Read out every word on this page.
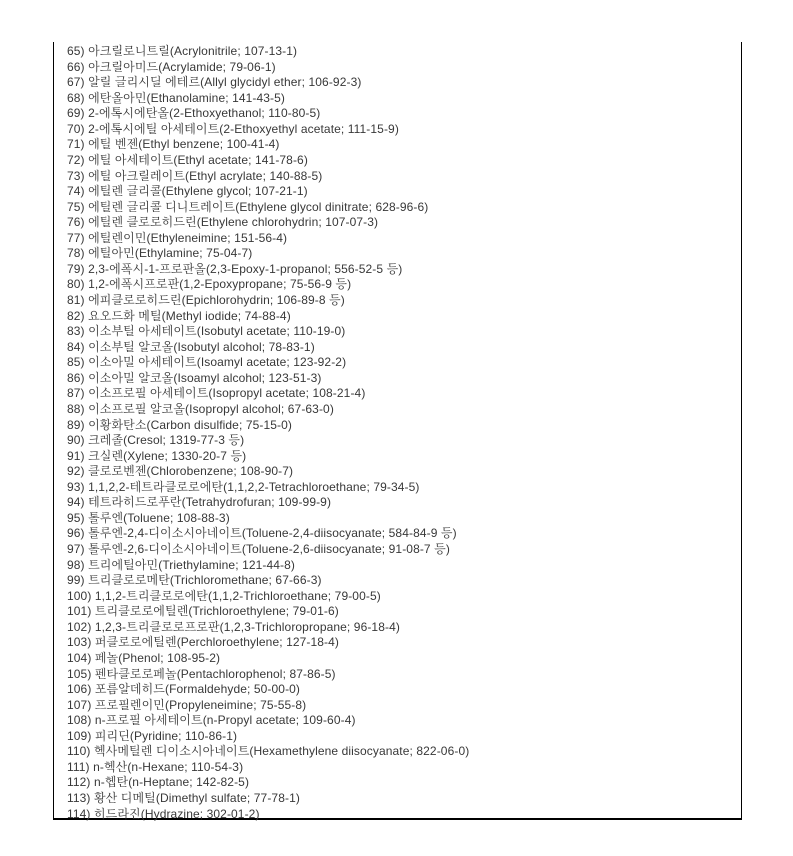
65) 아크릴로니트릴(Acrylonitrile; 107-13-1)
66) 아크릴아미드(Acrylamide; 79-06-1)
67) 알릴 글리시딜 에테르(Allyl glycidyl ether; 106-92-3)
68) 에탄올아민(Ethanolamine; 141-43-5)
69) 2-에톡시에탄올(2-Ethoxyethanol; 110-80-5)
70) 2-에톡시에틸 아세테이트(2-Ethoxyethyl acetate; 111-15-9)
71) 에틸 벤젠(Ethyl benzene; 100-41-4)
72) 에틸 아세테이트(Ethyl acetate; 141-78-6)
73) 에틸 아크릴레이트(Ethyl acrylate; 140-88-5)
74) 에틸렌 글리콜(Ethylene glycol; 107-21-1)
75) 에틸렌 글리콜 디니트레이트(Ethylene glycol dinitrate; 628-96-6)
76) 에틸렌 클로로히드린(Ethylene chlorohydrin; 107-07-3)
77) 에틸렌이민(Ethyleneimine; 151-56-4)
78) 에틸아민(Ethylamine; 75-04-7)
79) 2,3-에폭시-1-프로판올(2,3-Epoxy-1-propanol; 556-52-5 등)
80) 1,2-에폭시프로판(1,2-Epoxypropane; 75-56-9 등)
81) 에피클로로히드린(Epichlorohydrin; 106-89-8 등)
82) 요오드화 메틸(Methyl iodide; 74-88-4)
83) 이소부틸 아세테이트(Isobutyl acetate; 110-19-0)
84) 이소부틸 알코올(Isobutyl alcohol; 78-83-1)
85) 이소아밀 아세테이트(Isoamyl acetate; 123-92-2)
86) 이소아밀 알코올(Isoamyl alcohol; 123-51-3)
87) 이소프로필 아세테이트(Isopropyl acetate; 108-21-4)
88) 이소프로필 알코올(Isopropyl alcohol; 67-63-0)
89) 이황화탄소(Carbon disulfide; 75-15-0)
90) 크레졸(Cresol; 1319-77-3 등)
91) 크실렌(Xylene; 1330-20-7 등)
92) 클로로벤젠(Chlorobenzene; 108-90-7)
93) 1,1,2,2-테트라클로로에탄(1,1,2,2-Tetrachloroethane; 79-34-5)
94) 테트라히드로푸란(Tetrahydrofuran; 109-99-9)
95) 톨루엔(Toluene; 108-88-3)
96) 톨루엔-2,4-디이소시아네이트(Toluene-2,4-diisocyanate; 584-84-9 등)
97) 톨루엔-2,6-디이소시아네이트(Toluene-2,6-diisocyanate; 91-08-7 등)
98) 트리에틸아민(Triethylamine; 121-44-8)
99) 트리클로로메탄(Trichloromethane; 67-66-3)
100) 1,1,2-트리클로로에탄(1,1,2-Trichloroethane; 79-00-5)
101) 트리클로로에틸렌(Trichloroethylene; 79-01-6)
102) 1,2,3-트리클로로프로판(1,2,3-Trichloropropane; 96-18-4)
103) 퍼클로로에틸렌(Perchloroethylene; 127-18-4)
104) 페놀(Phenol; 108-95-2)
105) 펜타클로로페놀(Pentachlorophenol; 87-86-5)
106) 포름알데히드(Formaldehyde; 50-00-0)
107) 프로필렌이민(Propyleneimine; 75-55-8)
108) n-프로필 아세테이트(n-Propyl acetate; 109-60-4)
109) 피리딘(Pyridine; 110-86-1)
110) 헥사메틸렌 디이소시아네이트(Hexamethylene diisocyanate; 822-06-0)
111) n-헥산(n-Hexane; 110-54-3)
112) n-헵탄(n-Heptane; 142-82-5)
113) 황산 디메틸(Dimethyl sulfate; 77-78-1)
114) 히드라진(Hydrazine; 302-01-2)
